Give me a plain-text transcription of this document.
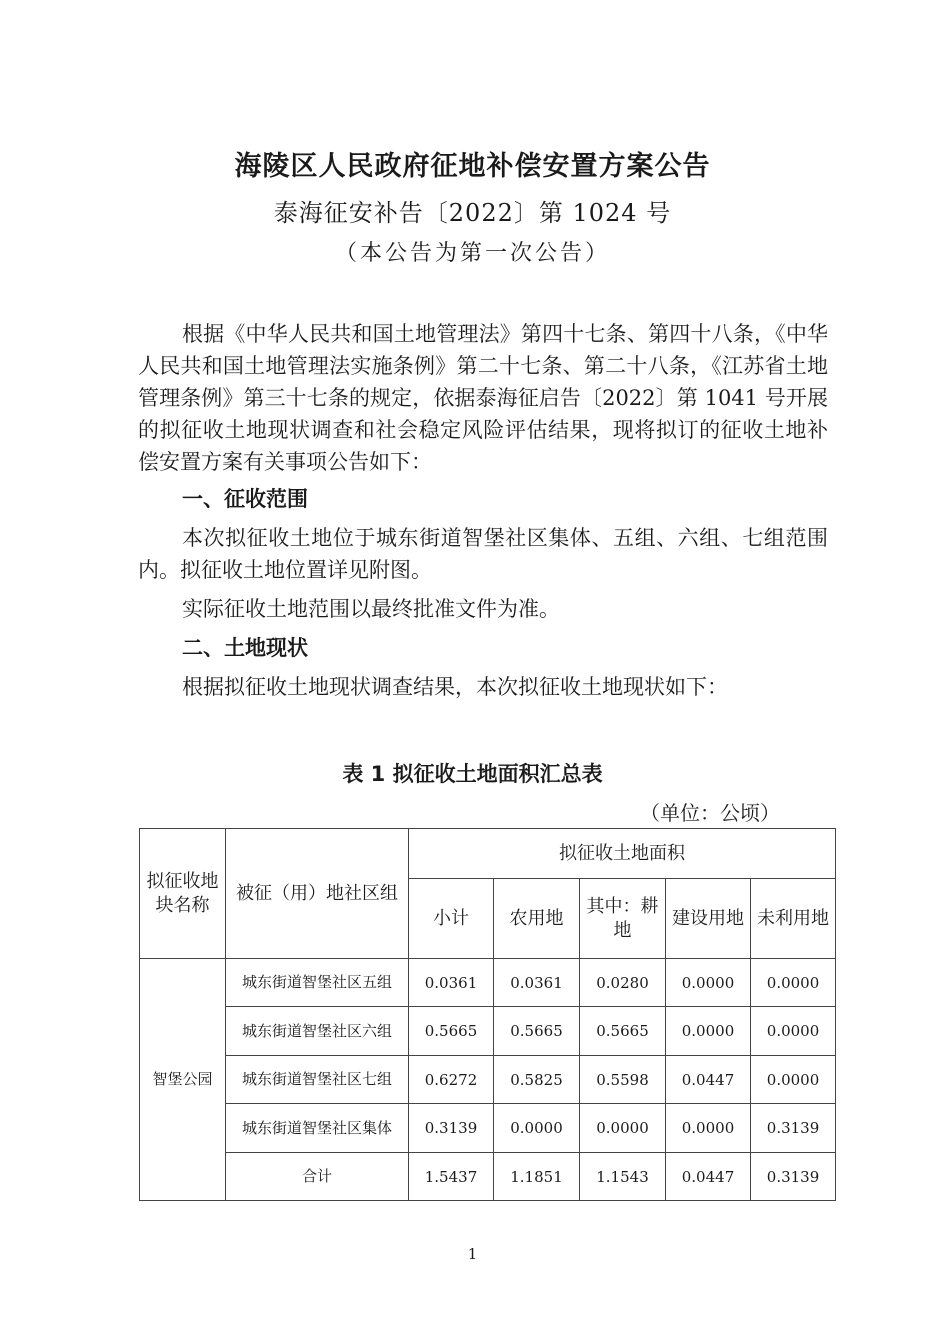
海陵区人民政府征地补偿安置方案公告
泰海征安补告〔2022〕第 1024 号
（本公告为第一次公告）

根据《中华人民共和国土地管理法》第四十七条、第四十八条，《中华人民共和国土地管理法实施条例》第二十七条、第二十八条，《江苏省土地管理条例》第三十七条的规定，依据泰海征启告〔2022〕第 1041 号开展的拟征收土地现状调查和社会稳定风险评估结果，现将拟订的征收土地补偿安置方案有关事项公告如下：

一、征收范围

本次拟征收土地位于城东街道智堡社区集体、五组、六组、七组范围内。拟征收土地位置详见附图。

实际征收土地范围以最终批准文件为准。

二、土地现状

根据拟征收土地现状调查结果，本次拟征收土地现状如下：

表 1 拟征收土地面积汇总表
（单位：公顷）
拟征收地块名称	被征（用）地社区组	拟征收土地面积				
		小计	农用地	其中：耕地	建设用地	未利用地
智堡公园	城东街道智堡社区五组	0.0361	0.0361	0.0280	0.0000	0.0000
	城东街道智堡社区六组	0.5665	0.5665	0.5665	0.0000	0.0000
	城东街道智堡社区七组	0.6272	0.5825	0.5598	0.0447	0.0000
	城东街道智堡社区集体	0.3139	0.0000	0.0000	0.0000	0.3139
	合计	1.5437	1.1851	1.1543	0.0447	0.3139
1
